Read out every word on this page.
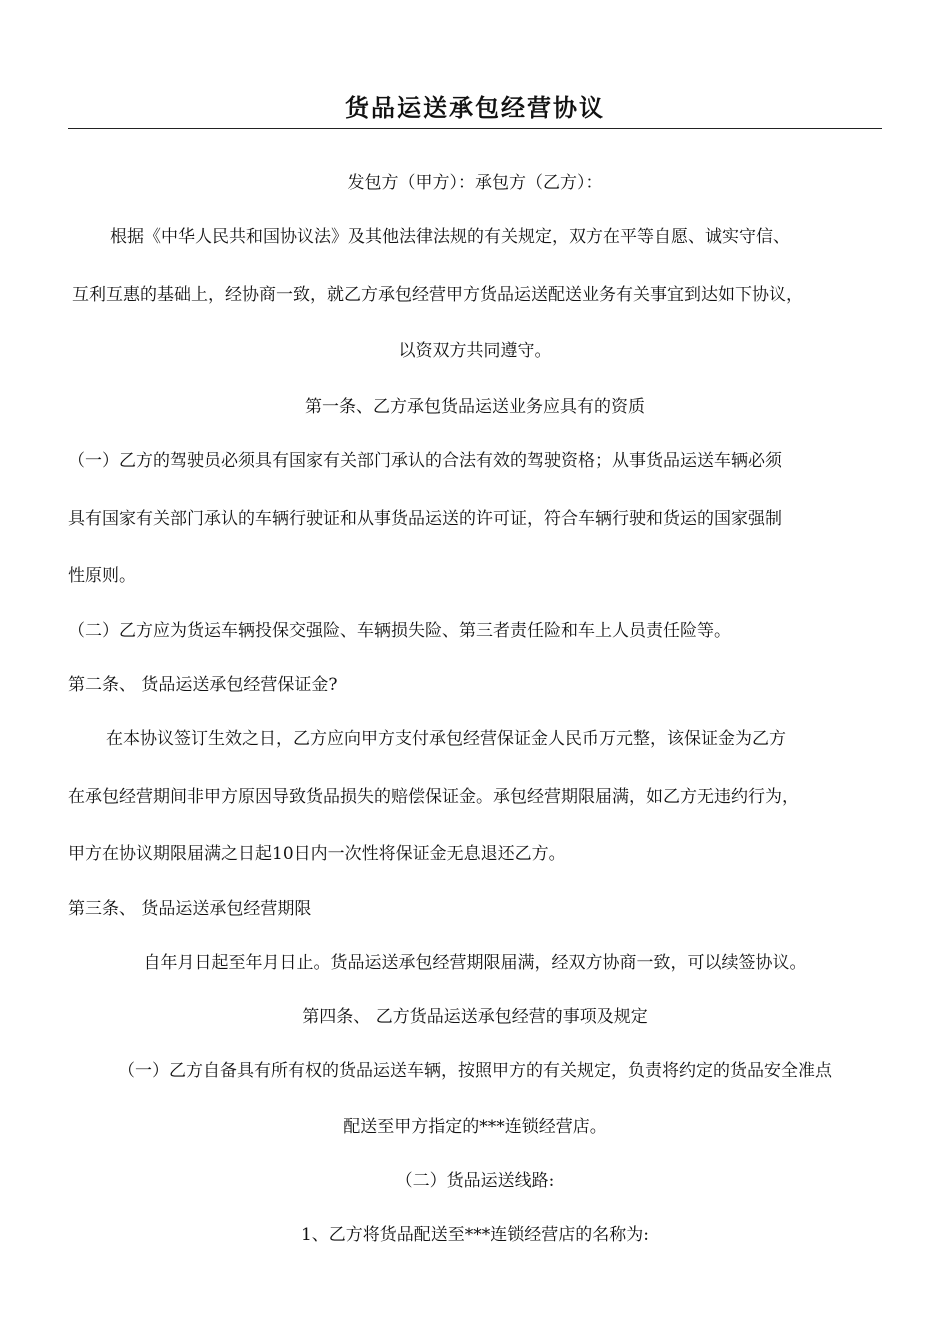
货品运送承包经营协议
发包方（甲方）：承包方（乙方）：
根据《中华人民共和国协议法》及其他法律法规的有关规定，双方在平等自愿、诚实守信、
互利互惠的基础上，经协商一致，就乙方承包经营甲方货品运送配送业务有关事宜到达如下协议，
以资双方共同遵守。
第一条、乙方承包货品运送业务应具有的资质
（一）乙方的驾驶员必须具有国家有关部门承认的合法有效的驾驶资格；从事货品运送车辆必须
具有国家有关部门承认的车辆行驶证和从事货品运送的许可证，符合车辆行驶和货运的国家强制
性原则。
（二）乙方应为货运车辆投保交强险、车辆损失险、第三者责任险和车上人员责任险等。
第二条、 货品运送承包经营保证金?
在本协议签订生效之日，乙方应向甲方支付承包经营保证金人民币万元整，该保证金为乙方
在承包经营期间非甲方原因导致货品损失的赔偿保证金。承包经营期限届满，如乙方无违约行为，
甲方在协议期限届满之日起10日内一次性将保证金无息退还乙方。
第三条、 货品运送承包经营期限
自年月日起至年月日止。货品运送承包经营期限届满，经双方协商一致，可以续签协议。
第四条、 乙方货品运送承包经营的事项及规定
（一）乙方自备具有所有权的货品运送车辆，按照甲方的有关规定，负责将约定的货品安全准点
配送至甲方指定的***连锁经营店。
（二）货品运送线路:
1、乙方将货品配送至***连锁经营店的名称为:
